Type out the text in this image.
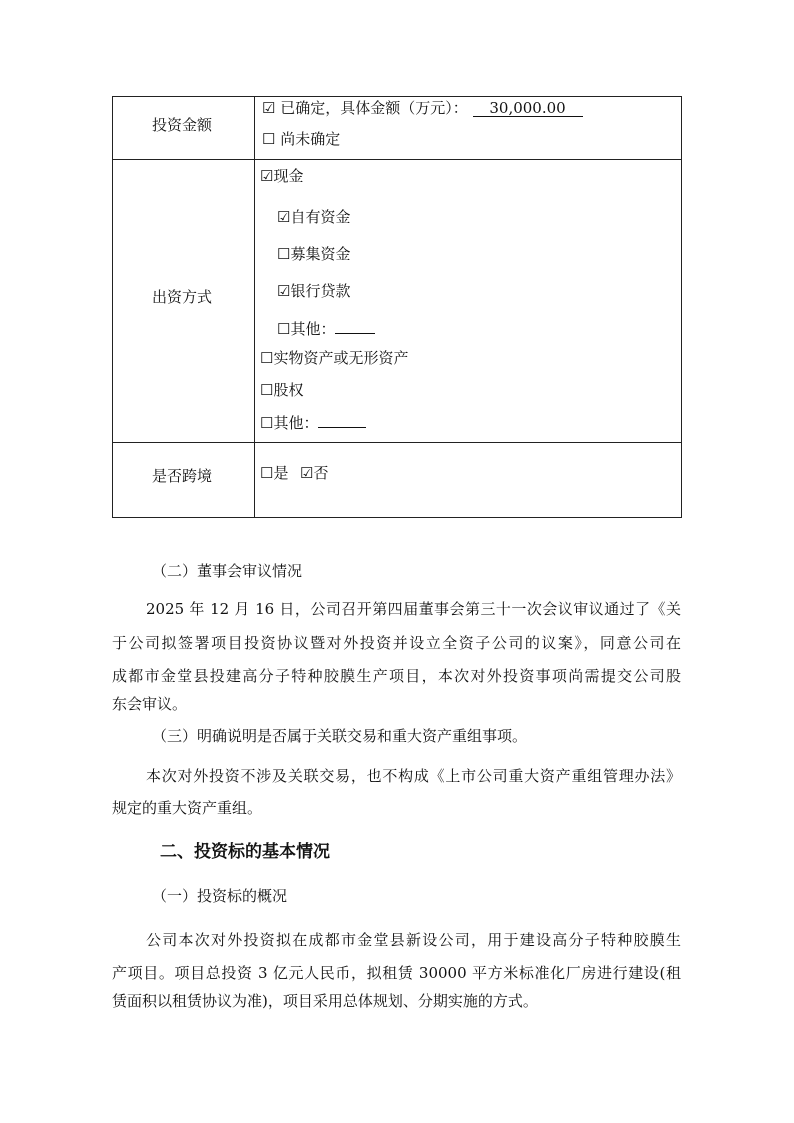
投资金额
☑ 已确定，具体金额（万元）： 30,000.00
☐ 尚未确定
出资方式
☑现金
☑自有资金
☐募集资金
☑银行贷款
☐其他：
☐实物资产或无形资产
☐股权
☐其他：
是否跨境	☐是 ☑否
（二）董事会审议情况
2025 年 12 月 16 日，公司召开第四届董事会第三十一次会议审议通过了《关
于公司拟签署项目投资协议暨对外投资并设立全资子公司的议案》，同意公司在
成都市金堂县投建高分子特种胶膜生产项目，本次对外投资事项尚需提交公司股
东会审议。
（三）明确说明是否属于关联交易和重大资产重组事项。
本次对外投资不涉及关联交易，也不构成《上市公司重大资产重组管理办法》
规定的重大资产重组。
二、投资标的基本情况
（一）投资标的概况
公司本次对外投资拟在成都市金堂县新设公司，用于建设高分子特种胶膜生
产项目。项目总投资 3 亿元人民币，拟租赁 30000 平方米标准化厂房进行建设(租
赁面积以租赁协议为准)，项目采用总体规划、分期实施的方式。
